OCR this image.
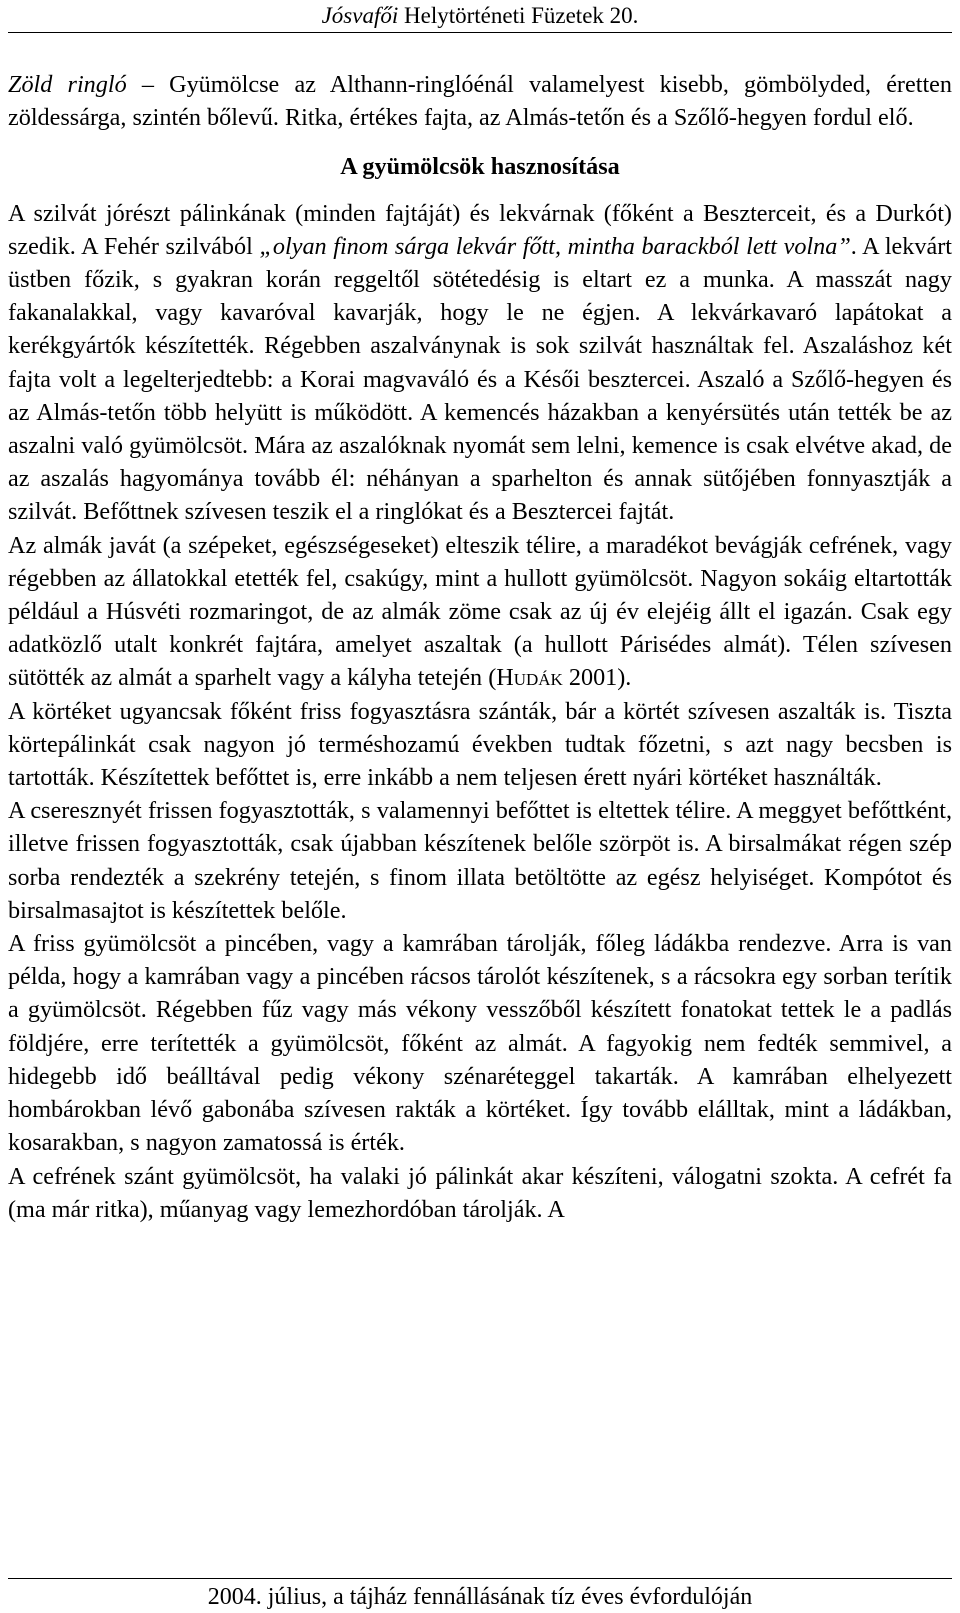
Jósvafői Helytörténeti Füzetek 20.

Zöld ringló – Gyümölcse az Althann-ringlóénál valamelyest kisebb, gömbölyded, éretten zöldessárga, szintén bőlevű. Ritka, értékes fajta, az Almás-tetőn és a Szőlő-hegyen fordul elő.

A gyümölcsök hasznosítása

A szilvát jórészt pálinkának (minden fajtáját) és lekvárnak (főként a Beszterceit, és a Durkót) szedik. A Fehér szilvából „olyan finom sárga lekvár főtt, mintha barackból lett volna”. A lekvárt üstben főzik, s gyakran korán reggeltől sötétedésig is eltart ez a munka. A masszát nagy fakanalakkal, vagy kavaróval kavarják, hogy le ne égjen. A lekvárkavaró lapátokat a kerékgyártók készítették. Régebben aszalványnak is sok szilvát használtak fel. Aszaláshoz két fajta volt a legelterjedtebb: a Korai magvaváló és a Késői besztercei. Aszaló a Szőlő-hegyen és az Almás-tetőn több helyütt is működött. A kemencés házakban a kenyérsütés után tették be az aszalni való gyümölcsöt. Mára az aszalóknak nyomát sem lelni, kemence is csak elvétve akad, de az aszalás hagyománya tovább él: néhányan a sparhelton és annak sütőjében fonnyasztják a szilvát. Befőttnek szívesen teszik el a ringlókat és a Besztercei fajtát.

Az almák javát (a szépeket, egészségeseket) elteszik télire, a maradékot bevágják cefrének, vagy régebben az állatokkal etették fel, csakúgy, mint a hullott gyümölcsöt. Nagyon sokáig eltartották például a Húsvéti rozmaringot, de az almák zöme csak az új év elejéig állt el igazán. Csak egy adatközlő utalt konkrét fajtára, amelyet aszaltak (a hullott Párisédes almát). Télen szívesen sütötték az almát a sparhelt vagy a kályha tetején (Hudák 2001).

A körtéket ugyancsak főként friss fogyasztásra szánták, bár a körtét szívesen aszalták is. Tiszta körtepálinkát csak nagyon jó terméshozamú években tudtak főzetni, s azt nagy becsben is tartották. Készítettek befőttet is, erre inkább a nem teljesen érett nyári körtéket használták.

A cseresznyét frissen fogyasztották, s valamennyi befőttet is eltettek télire. A meggyet befőttként, illetve frissen fogyasztották, csak újabban készítenek belőle szörpöt is. A birsalmákat régen szép sorba rendezték a szekrény tetején, s finom illata betöltötte az egész helyiséget. Kompótot és birsalmasajtot is készítettek belőle.

A friss gyümölcsöt a pincében, vagy a kamrában tárolják, főleg ládákba rendezve. Arra is van példa, hogy a kamrában vagy a pincében rácsos tárolót készítenek, s a rácsokra egy sorban terítik a gyümölcsöt. Régebben fűz vagy más vékony vesszőből készített fonatokat tettek le a padlás földjére, erre terítették a gyümölcsöt, főként az almát. A fagyokig nem fedték semmivel, a hidegebb idő beálltával pedig vékony szénaréteggel takarták. A kamrában elhelyezett hombárokban lévő gabonába szívesen rakták a körtéket. Így tovább elálltak, mint a ládákban, kosarakban, s nagyon zamatossá is érték.

A cefrének szánt gyümölcsöt, ha valaki jó pálinkát akar készíteni, válogatni szokta. A cefrét fa (ma már ritka), műanyag vagy lemezhordóban tárolják. A

2004. július, a tájház fennállásának tíz éves évfordulóján
